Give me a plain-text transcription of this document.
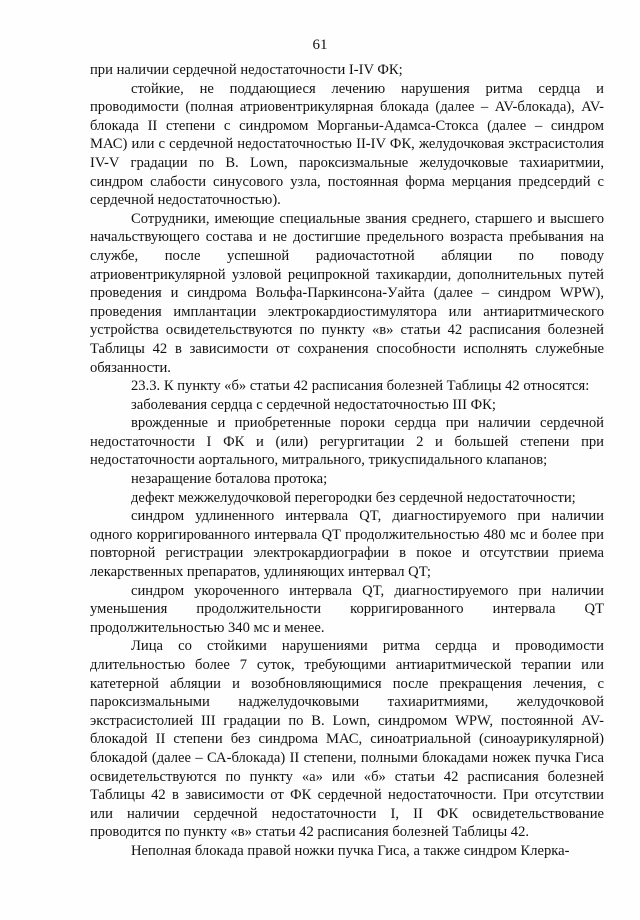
61

при наличии сердечной недостаточности I-IV ФК;

стойкие, не поддающиеся лечению нарушения ритма сердца и проводимости (полная атриовентрикулярная блокада (далее – AV-блокада), AV-блокада II степени с синдромом Морганьи-Адамса-Стокса (далее – синдром МАС) или с сердечной недостаточностью II-IV ФК, желудочковая экстрасистолия IV-V градации по B. Lown, пароксизмальные желудочковые тахиаритмии, синдром слабости синусового узла, постоянная форма мерцания предсердий с сердечной недостаточностью).

Сотрудники, имеющие специальные звания среднего, старшего и высшего начальствующего состава и не достигшие предельного возраста пребывания на службе, после успешной радиочастотной абляции по поводу атриовентрикулярной узловой реципрокной тахикардии, дополнительных путей проведения и синдрома Вольфа-Паркинсона-Уайта (далее – синдром WPW), проведения имплантации электрокардиостимулятора или антиаритмического устройства освидетельствуются по пункту «в» статьи 42 расписания болезней Таблицы 42 в зависимости от сохранения способности исполнять служебные обязанности.

23.3. К пункту «б» статьи 42 расписания болезней Таблицы 42 относятся:

заболевания сердца с сердечной недостаточностью III ФК;

врожденные и приобретенные пороки сердца при наличии сердечной недостаточности I ФК и (или) регургитации 2 и большей степени при недостаточности аортального, митрального, трикуспидального клапанов;

незаращение боталова протока;

дефект межжелудочковой перегородки без сердечной недостаточности;

синдром удлиненного интервала QT, диагностируемого при наличии одного корригированного интервала QT продолжительностью 480 мс и более при повторной регистрации электрокардиографии в покое и отсутствии приема лекарственных препаратов, удлиняющих интервал QT;

синдром укороченного интервала QT, диагностируемого при наличии уменьшения продолжительности корригированного интервала QT продолжительностью 340 мс и менее.

Лица со стойкими нарушениями ритма сердца и проводимости длительностью более 7 суток, требующими антиаритмической терапии или катетерной абляции и возобновляющимися после прекращения лечения, с пароксизмальными наджелудочковыми тахиаритмиями, желудочковой экстрасистолией III градации по B. Lown, синдромом WPW, постоянной AV-блокадой II степени без синдрома МАС, синоатриальной (синоаурикулярной) блокадой (далее – СА-блокада) II степени, полными блокадами ножек пучка Гиса освидетельствуются по пункту «а» или «б» статьи 42 расписания болезней Таблицы 42 в зависимости от ФК сердечной недостаточности. При отсутствии или наличии сердечной недостаточности I, II ФК освидетельствование проводится по пункту «в» статьи 42 расписания болезней Таблицы 42.

Неполная блокада правой ножки пучка Гиса, а также синдром Клерка-
